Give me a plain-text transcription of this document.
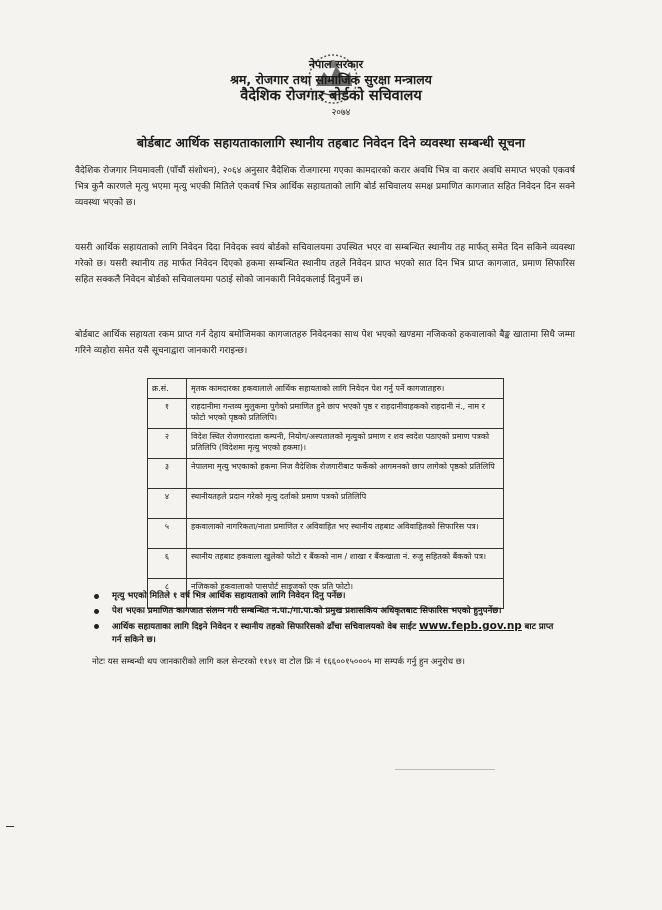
नेपाल सरकार
श्रम, रोजगार तथा सामाजिक सुरक्षा मन्त्रालय
वैदेशिक रोजगार बोर्डको सचिवालय
२०७४
बोर्डबाट आर्थिक सहायताकालागि स्थानीय तहबाट निवेदन दिने व्यवस्था सम्बन्धी सूचना
वैदेशिक रोजगार नियमावली (पाँचौं संशोधन), २०६४ अनुसार वैदेशिक रोजगारमा गएका कामदारको करार अवधि भित्र वा करार अवधि समाप्त भएको एकवर्ष भित्र कुनै कारणले मृत्यु भएमा मृत्यु भएकी मितिले एकवर्ष भित्र आर्थिक सहायताको लागि बोर्ड सचिवालय समक्ष प्रमाणित कागजात सहित निवेदन दिन सक्ने व्यवस्था भएको छ।
यसरी आर्थिक सहायताको लागि निवेदन दिदा निवेदक स्वयं बोर्डको सचिवालयमा उपस्थित भएर वा सम्बन्धित स्थानीय तह मार्फत् समेत दिन सकिने व्यवस्था गरेको छ। यसरी स्थानीय तह मार्फत निवेदन दिएको हकमा सम्बन्धित स्थानीय तहले निवेदन प्राप्त भएको सात दिन भित्र प्राप्त कागजात, प्रमाण सिफारिस सहित सक्कलै निवेदन बोर्डको सचिवालयमा पठाई सोको जानकारी निवेदकलाई दिनुपर्ने छ।
बोर्डबाट आर्थिक सहायता रकम प्राप्त गर्न देहाय बमोजिमका कागजातहरु निवेदनका साथ पेश भएको खण्डमा नजिकको हकवालाको बैङ्क खातामा सिधै जम्मा गरिने व्यहोरा समेत यसै सूचनाद्वारा जानकारी गराइन्छ।
क्र.सं.	मृतक कामदारका हकवालाले आर्थिक सहायताको लागि निवेदन पेश गर्नु पर्ने कागजातहरु।
१	राहदानीमा गन्तव्य मुलुकमा पुगेको प्रमाणित हुने छाप भएको पृष्ठ र राहदानीवाहकको राहदानी नं., नाम र फोटो भएको पृष्ठको प्रतिलिपि।
२	विदेश स्थित रोजगारदाता कम्पनी, नियोग/अस्पतालको मृत्युको प्रमाण र शव स्वदेश पठाएको प्रमाण पत्रको प्रतिलिपि (विदेशमा मृत्यु भएको हकमा)।
३	नेपालमा मृत्यु भएकाको हकमा निज वैदेशिक रोजगारीबाट फर्केको आगमनको छाप लागेको पृष्ठको प्रतिलिपि
४	स्थानीयतहले प्रदान गरेको मृत्यु दर्ताको प्रमाण पत्रको प्रतिलिपि
५	हकवालाको नागरिकता/नाता प्रमाणित र अविवाहित भए स्थानीय तहबाट अविवाहितको सिफारिस पत्र।
६	स्थानीय तहबाट हकवाला खुलेको फोटो र बैंकको नाम / शाखा र बैंकखाता नं. रुजु सहितको बैंकको पत्र।
८	नजिकको हकवालाको पासपोर्ट साइजको एक प्रति फोटो।
मृत्यु भएको मितिले १ वर्ष भित्र आर्थिक सहायताको लागि निवेदन दिनु पर्नेछ।
पेश भएका प्रमाणित कागजात संलग्न गरी सम्बन्धित न.पा./गा.पा.को प्रमुख प्रशासकिय अधिकृतबाट सिफारिस भएको हुनुपर्नेछ।
आर्थिक सहायताका लागि दिइने निवेदन र स्थानीय तहको सिफारिसको ढाँचा सचिवालयको वेब साईट www.fepb.gov.np बाट प्राप्त गर्न सकिने छ।
नोटः यस सम्बन्धी थप जानकारीको लागि कल सेन्टरको ११४१ वा टोल फ्रि नं १६६००१५०००५ मा सम्पर्क गर्नु हुन अनुरोध छ।
